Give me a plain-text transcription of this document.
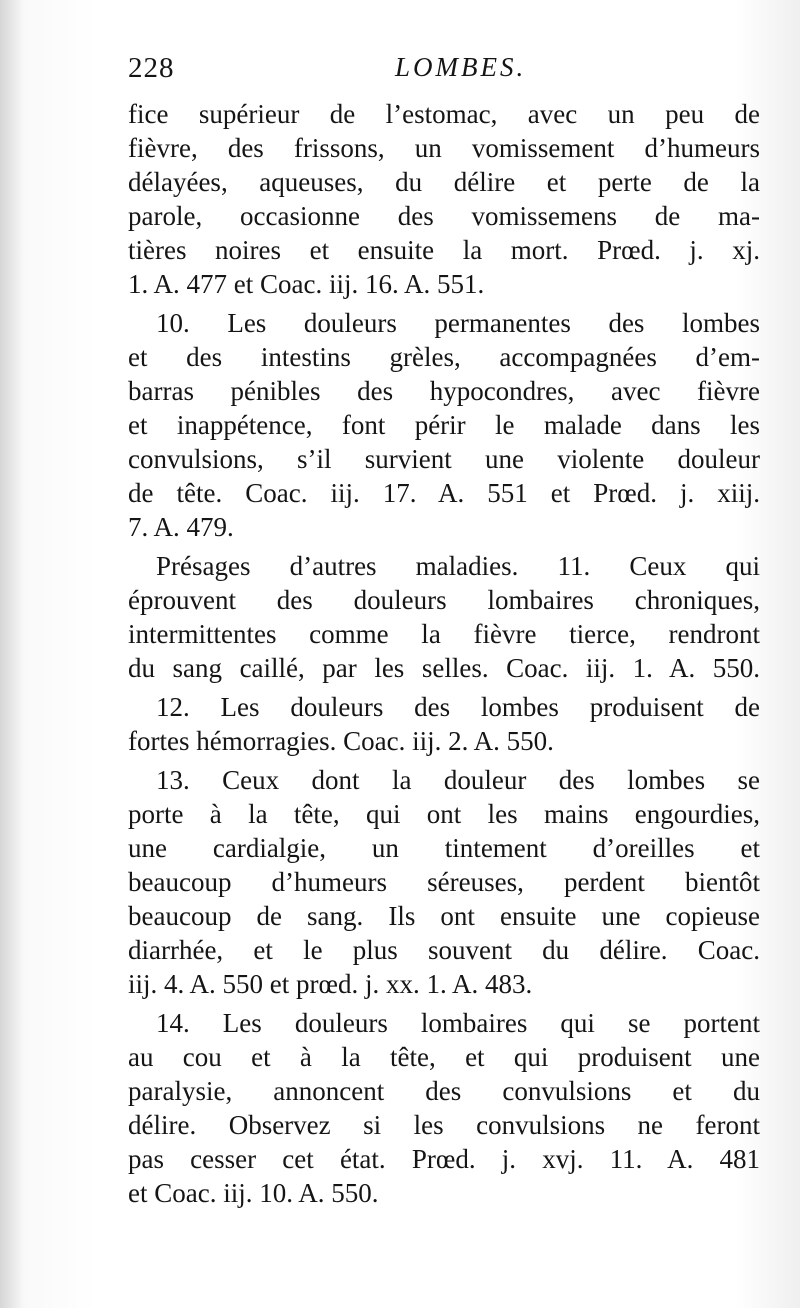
228	LOMBES.
fice supérieur de l’estomac, avec un peu de
fièvre, des frissons, un vomissement d’humeurs
délayées, aqueuses, du délire et perte de la
parole, occasionne des vomissemens de ma-
tières noires et ensuite la mort. Prœd. j. xj.
1. A. 477 et Coac. iij. 16. A. 551.
10. Les douleurs permanentes des lombes
et des intestins grèles, accompagnées d’em-
barras pénibles des hypocondres, avec fièvre
et inappétence, font périr le malade dans les
convulsions, s’il survient une violente douleur
de tête. Coac. iij. 17. A. 551 et Prœd. j. xiij.
7. A. 479.
Présages d’autres maladies. 11. Ceux qui
éprouvent des douleurs lombaires chroniques,
intermittentes comme la fièvre tierce, rendront
du sang caillé, par les selles. Coac. iij. 1. A. 550.
12. Les douleurs des lombes produisent de
fortes hémorragies. Coac. iij. 2. A. 550.
13. Ceux dont la douleur des lombes se
porte à la tête, qui ont les mains engourdies,
une cardialgie, un tintement d’oreilles et
beaucoup d’humeurs séreuses, perdent bientôt
beaucoup de sang. Ils ont ensuite une copieuse
diarrhée, et le plus souvent du délire. Coac.
iij. 4. A. 550 et prœd. j. xx. 1. A. 483.
14. Les douleurs lombaires qui se portent
au cou et à la tête, et qui produisent une
paralysie, annoncent des convulsions et du
délire. Observez si les convulsions ne feront
pas cesser cet état. Prœd. j. xvj. 11. A. 481
et Coac. iij. 10. A. 550.
